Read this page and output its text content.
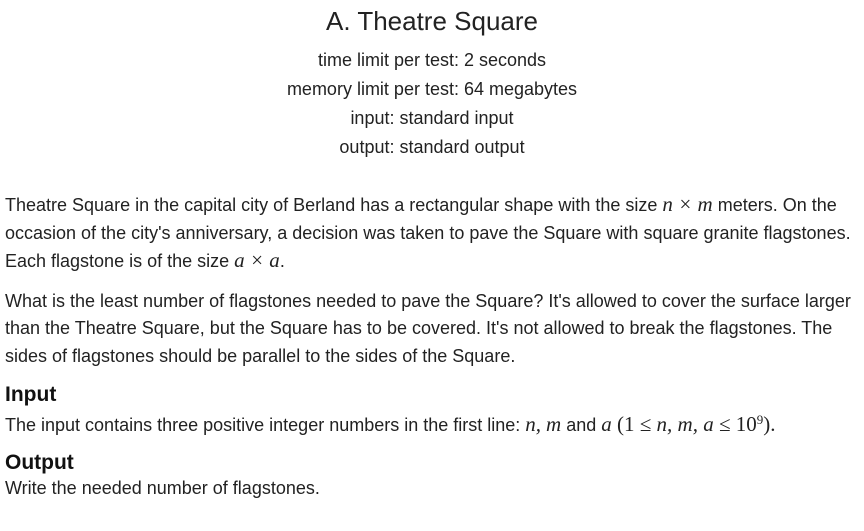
A. Theatre Square
time limit per test: 2 seconds
memory limit per test: 64 megabytes
input: standard input
output: standard output

Theatre Square in the capital city of Berland has a rectangular shape with the size n × m meters. On the occasion of the city's anniversary, a decision was taken to pave the Square with square granite flagstones. Each flagstone is of the size a × a.

What is the least number of flagstones needed to pave the Square? It's allowed to cover the surface larger than the Theatre Square, but the Square has to be covered. It's not allowed to break the flagstones. The sides of flagstones should be parallel to the sides of the Square.

Input

The input contains three positive integer numbers in the first line: n, m and a (1 ≤ n, m, $a \le 10^9$).

Output

Write the needed number of flagstones.
